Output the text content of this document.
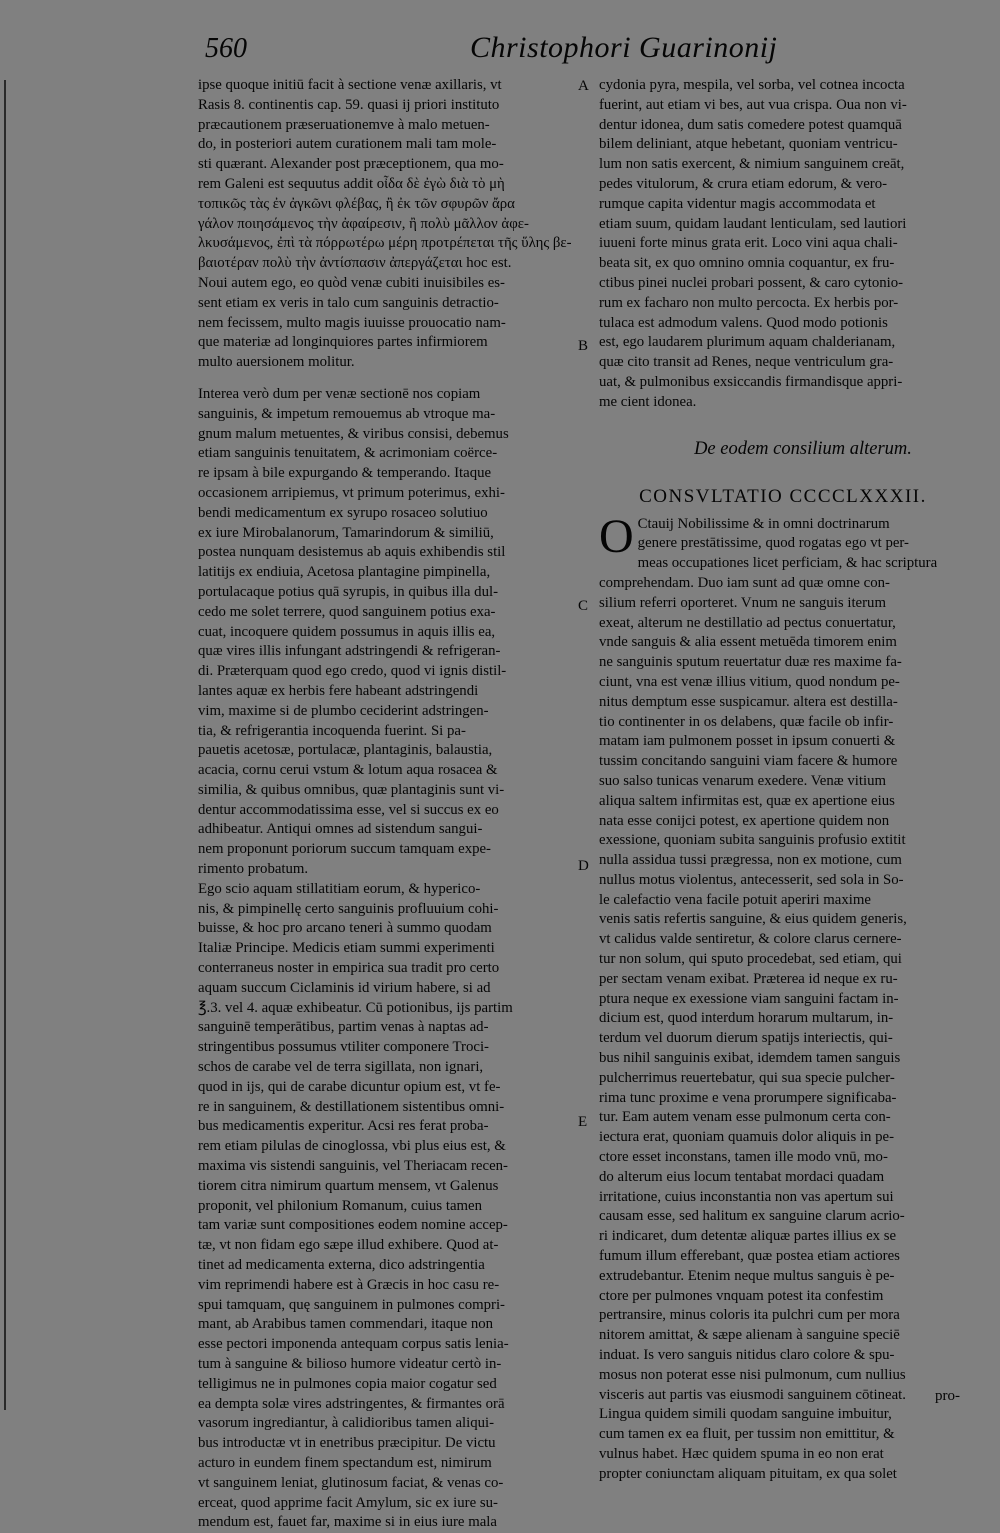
560	Christophori Guarinonij
ipse quoque initiū facit à sectione venæ axillaris, vt
Rasis 8. continentis cap. 59. quasi ij priori instituto
præcautionem præseruationemve à malo metuen-
do, in posteriori autem curationem mali tam mole-
sti quærant. Alexander post præceptionem, qua mo-
rem Galeni est sequutus addit οἶδα δὲ ἐγὼ διὰ τὸ μὴ
τοπικῶς τὰς ἐν ἀγκῶνι φλέβας, ἢ ἐκ τῶν σφυρῶν ἄρα
γάλον ποιησάμενος τὴν ἀφαίρεσιν, ἢ πολὺ μᾶλλον ἀφε-
λκυσάμενος, ἐπὶ τὰ πόρρωτέρω μέρη προτρέπεται τῆς ὕλης βε-
βαιοτέραν πολὺ τὴν ἀντίσπασιν ἀπεργάζεται hoc est.
Noui autem ego, eo quòd venæ cubiti inuisibiles es-
sent etiam ex veris in talo cum sanguinis detractio-
nem fecissem, multo magis iuuisse prouocatio nam-
que materiæ ad longinquiores partes infirmiorem
multo auersionem molitur.
Interea verò dum per venæ sectionē nos copiam
sanguinis, & impetum remouemus ab vtroque ma-
gnum malum metuentes, & viribus consisi, debemus
etiam sanguinis tenuitatem, & acrimoniam coërce-
re ipsam à bile expurgando & temperando. Itaque
occasionem arripiemus, vt primum poterimus, exhi-
bendi medicamentum ex syrupo rosaceo solutiuo
ex iure Mirobalanorum, Tamarindorum & similiū,
postea nunquam desistemus ab aquis exhibendis stil
latitijs ex endiuia, Acetosa plantagine pimpinella,
portulacaque potius quā syrupis, in quibus illa dul-
cedo me solet terrere, quod sanguinem potius exa-
cuat, incoquere quidem possumus in aquis illis ea,
quæ vires illis infungant adstringendi & refrigeran-
di. Præterquam quod ego credo, quod vi ignis distil-
lantes aquæ ex herbis fere habeant adstringendi
vim, maxime si de plumbo ceciderint adstringen-
tia, & refrigerantia incoquenda fuerint. Si pa-
pauetis acetosæ, portulacæ, plantaginis, balaustia,
acacia, cornu cerui vstum & lotum aqua rosacea &
similia, & quibus omnibus, quæ plantaginis sunt vi-
dentur accommodatissima esse, vel si succus ex eo
adhibeatur. Antiqui omnes ad sistendum sangui-
nem proponunt poriorum succum tamquam expe-
rimento probatum.
Ego scio aquam stillatitiam eorum, & hyperico-
nis, & pimpinellę certo sanguinis profluuium cohi-
buisse, & hoc pro arcano teneri à summo quodam
Italiæ Principe. Medicis etiam summi experimenti
conterraneus noster in empirica sua tradit pro certo
aquam succum Ciclaminis id virium habere, si ad
℥.3. vel 4. aquæ exhibeatur. Cū potionibus, ijs partim
sanguinē temperātibus, partim venas à naptas ad-
stringentibus possumus vtiliter componere Troci-
schos de carabe vel de terra sigillata, non ignari,
quod in ijs, qui de carabe dicuntur opium est, vt fe-
re in sanguinem, & destillationem sistentibus omni-
bus medicamentis experitur. Acsi res ferat proba-
rem etiam pilulas de cinoglossa, vbi plus eius est, &
maxima vis sistendi sanguinis, vel Theriacam recen-
tiorem citra nimirum quartum mensem, vt Galenus
proponit, vel philonium Romanum, cuius tamen
tam variæ sunt compositiones eodem nomine accep-
tæ, vt non fidam ego sæpe illud exhibere. Quod at-
tinet ad medicamenta externa, dico adstringentia
vim reprimendi habere est à Græcis in hoc casu re-
spui tamquam, quę sanguinem in pulmones compri-
mant, ab Arabibus tamen commendari, itaque non
esse pectori imponenda antequam corpus satis lenia-
tum à sanguine & bilioso humore videatur certò in-
telligimus ne in pulmones copia maior cogatur sed
ea dempta solæ vires adstringentes, & firmantes orā
vasorum ingrediantur, à calidioribus tamen aliqui-
bus introductæ vt in enetribus præcipitur. De victu
acturo in eundem finem spectandum est, nimirum
vt sanguinem leniat, glutinosum faciat, & venas co-
erceat, quod apprime facit Amylum, sic ex iure su-
mendum est, fauet far, maxime si in eius iure mala
A
B
C
D
E
cydonia pyra, mespila, vel sorba, vel cotnea incocta
fuerint, aut etiam vi bes, aut vua crispa. Oua non vi-
dentur idonea, dum satis comedere potest quamquā
bilem deliniant, atque hebetant, quoniam ventricu-
lum non satis exercent, & nimium sanguinem creāt,
pedes vitulorum, & crura etiam edorum, & vero-
rumque capita videntur magis accommodata et
etiam suum, quidam laudant lenticulam, sed lautiori
iuueni forte minus grata erit. Loco vini aqua chali-
beata sit, ex quo omnino omnia coquantur, ex fru-
ctibus pinei nuclei probari possent, & caro cytonio-
rum ex facharo non multo percocta. Ex herbis por-
tulaca est admodum valens. Quod modo potionis
est, ego laudarem plurimum aquam chalderianam,
quæ cito transit ad Renes, neque ventriculum gra-
uat, & pulmonibus exsiccandis firmandisque appri-
me cient idonea.
De eodem consilium alterum.
CONSVLTATIO CCCCLXXXII.
O Ctauij Nobilissime & in omni doctrinarum
genere prestātissime, quod rogatas ego vt per-
meas occupationes licet perficiam, & hac scriptura
comprehendam. Duo iam sunt ad quæ omne con-
silium referri oporteret. Vnum ne sanguis iterum
exeat, alterum ne destillatio ad pectus conuertatur,
vnde sanguis & alia essent metuēda timorem enim
ne sanguinis sputum reuertatur duæ res maxime fa-
ciunt, vna est venæ illius vitium, quod nondum pe-
nitus demptum esse suspicamur. altera est destilla-
tio continenter in os delabens, quæ facile ob infir-
matam iam pulmonem posset in ipsum conuerti &
tussim concitando sanguini viam facere & humore
suo salso tunicas venarum exedere. Venæ vitium
aliqua saltem infirmitas est, quæ ex apertione eius
nata esse conijci potest, ex apertione quidem non
exessione, quoniam subita sanguinis profusio extitit
nulla assidua tussi prægressa, non ex motione, cum
nullus motus violentus, antecesserit, sed sola in So-
le calefactio vena facile potuit aperiri maxime
venis satis refertis sanguine, & eius quidem generis,
vt calidus valde sentiretur, & colore clarus cernere-
tur non solum, qui sputo procedebat, sed etiam, qui
per sectam venam exibat. Præterea id neque ex ru-
ptura neque ex exessione viam sanguini factam in-
dicium est, quod interdum horarum multarum, in-
terdum vel duorum dierum spatijs interiectis, qui-
bus nihil sanguinis exibat, idemdem tamen sanguis
pulcherrimus reuertebatur, qui sua specie pulcher-
rima tunc proxime e vena prorumpere significaba-
tur. Eam autem venam esse pulmonum certa con-
iectura erat, quoniam quamuis dolor aliquis in pe-
ctore esset inconstans, tamen ille modo vnū, mo-
do alterum eius locum tentabat mordaci quadam
irritatione, cuius inconstantia non vas apertum sui
causam esse, sed halitum ex sanguine clarum acrio-
ri indicaret, dum detentæ aliquæ partes illius ex se
fumum illum efferebant, quæ postea etiam actiores
extrudebantur. Etenim neque multus sanguis è pe-
ctore per pulmones vnquam potest ita confestim
pertransire, minus coloris ita pulchri cum per mora
nitorem amittat, & sæpe alienam à sanguine speciē
induat. Is vero sanguis nitidus claro colore & spu-
mosus non poterat esse nisi pulmonum, cum nullius
visceris aut partis vas eiusmodi sanguinem cōtineat.
Lingua quidem simili quodam sanguine imbuitur,
cum tamen ex ea fluit, per tussim non emittitur, &
vulnus habet. Hæc quidem spuma in eo non erat
propter coniunctam aliquam pituitam, ex qua solet
pro-
